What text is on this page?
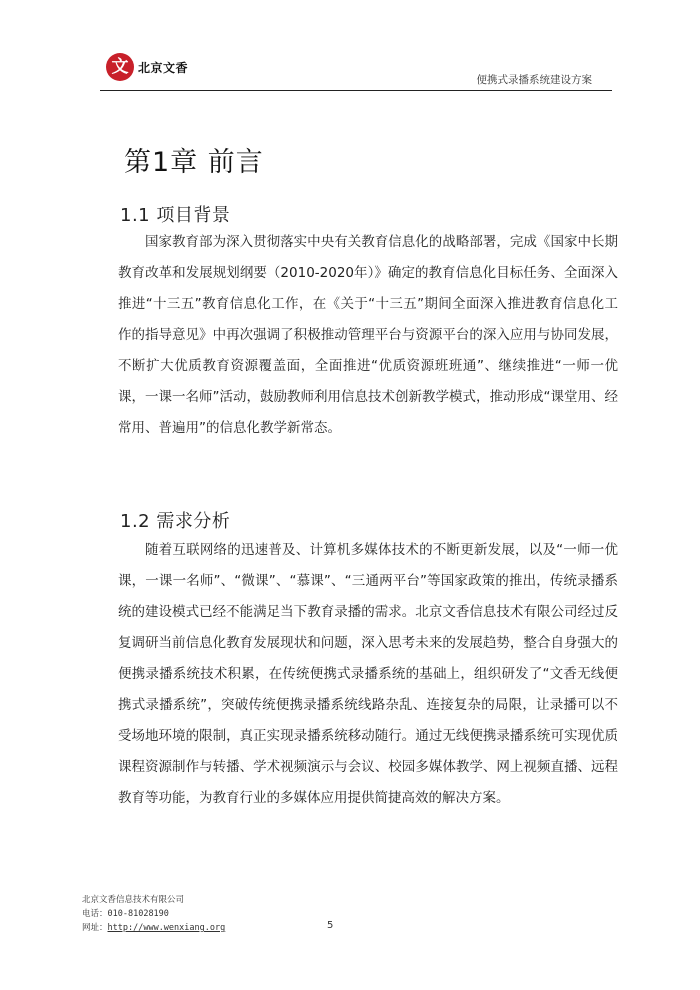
文 北京文香
便携式录播系统建设方案
第1章 前言
1.1 项目背景

国家教育部为深入贯彻落实中央有关教育信息化的战略部署，完成《国家中长期教育改革和发展规划纲要（2010-2020年）》确定的教育信息化目标任务、全面深入推进“十三五”教育信息化工作，在《关于“十三五”期间全面深入推进教育信息化工作的指导意见》中再次强调了积极推动管理平台与资源平台的深入应用与协同发展，不断扩大优质教育资源覆盖面，全面推进“优质资源班班通”、继续推进“一师一优课，一课一名师”活动，鼓励教师利用信息技术创新教学模式，推动形成“课堂用、经常用、普遍用”的信息化教学新常态。

1.2 需求分析

随着互联网络的迅速普及、计算机多媒体技术的不断更新发展，以及“一师一优课，一课一名师”、“微课”、“慕课”、“三通两平台”等国家政策的推出，传统录播系统的建设模式已经不能满足当下教育录播的需求。北京文香信息技术有限公司经过反复调研当前信息化教育发展现状和问题，深入思考未来的发展趋势，整合自身强大的便携录播系统技术积累，在传统便携式录播系统的基础上，组织研发了“文香无线便携式录播系统”，突破传统便携录播系统线路杂乱、连接复杂的局限，让录播可以不受场地环境的限制，真正实现录播系统移动随行。通过无线便携录播系统可实现优质课程资源制作与转播、学术视频演示与会议、校园多媒体教学、网上视频直播、远程教育等功能，为教育行业的多媒体应用提供简捷高效的解决方案。

北京文香信息技术有限公司
电话：010-81028190
网址：http://www.wenxiang.org	5
